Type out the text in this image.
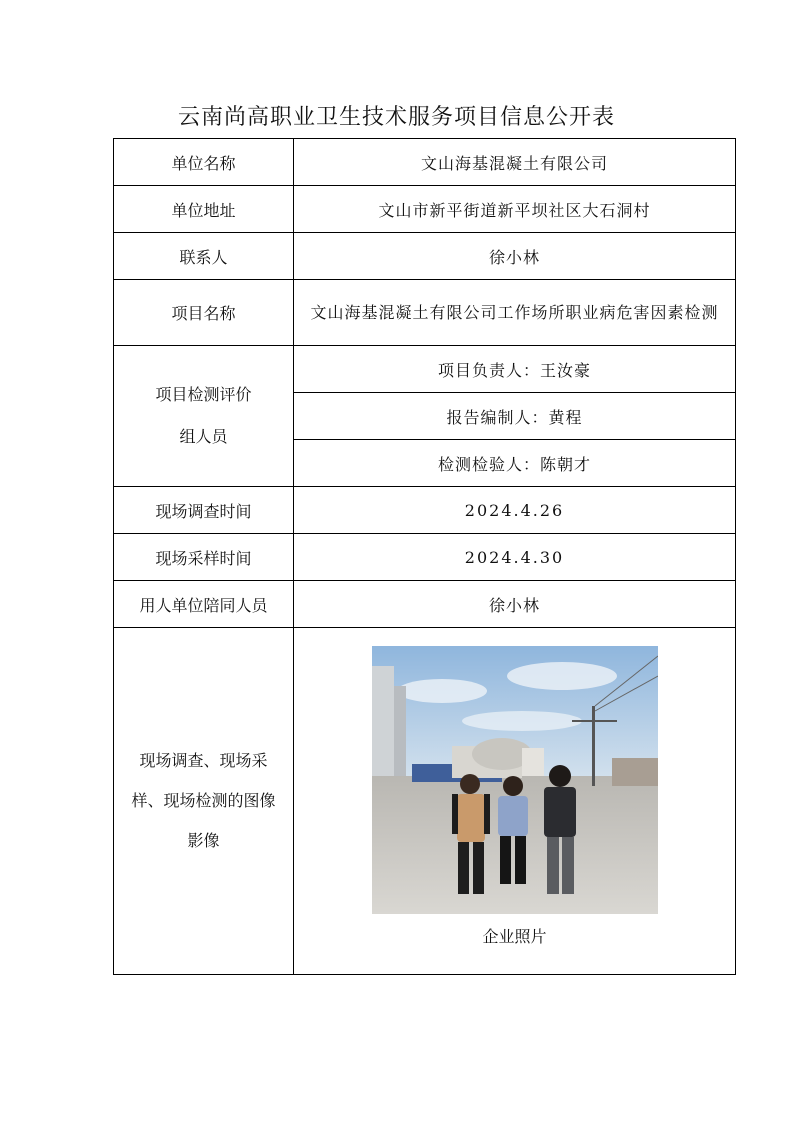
云南尚高职业卫生技术服务项目信息公开表
单位名称	文山海基混凝土有限公司
单位地址	文山市新平街道新平坝社区大石洞村
联系人	徐小林
项目名称	文山海基混凝土有限公司工作场所职业病危害因素检测
项目检测评价组人员	项目负责人：王汝豪
	报告编制人：黄程
	检测检验人：陈朝才
现场调查时间	2024.4.26
现场采样时间	2024.4.30
用人单位陪同人员	徐小林
现场调查、现场采样、现场检测的图像影像	企业照片
